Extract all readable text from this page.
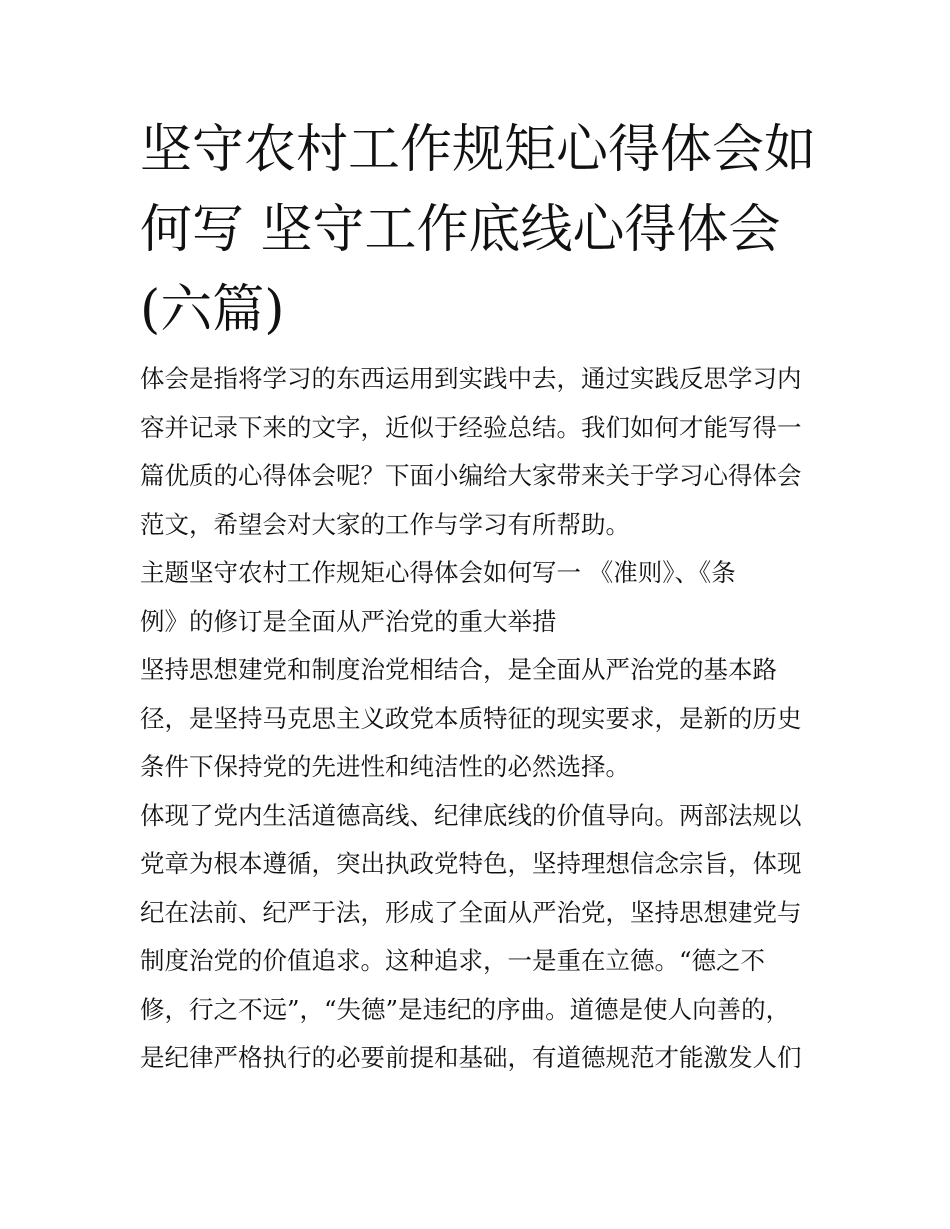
坚守农村工作规矩心得体会如
何写 坚守工作底线心得体会
(六篇)
体会是指将学习的东西运用到实践中去，通过实践反思学习内
容并记录下来的文字，近似于经验总结。我们如何才能写得一
篇优质的心得体会呢？下面小编给大家带来关于学习心得体会
范文，希望会对大家的工作与学习有所帮助。
主题坚守农村工作规矩心得体会如何写一 《准则》、《条
例》的修订是全面从严治党的重大举措
坚持思想建党和制度治党相结合，是全面从严治党的基本路
径，是坚持马克思主义政党本质特征的现实要求，是新的历史
条件下保持党的先进性和纯洁性的必然选择。
体现了党内生活道德高线、纪律底线的价值导向。两部法规以
党章为根本遵循，突出执政党特色，坚持理想信念宗旨，体现
纪在法前、纪严于法，形成了全面从严治党，坚持思想建党与
制度治党的价值追求。这种追求，一是重在立德。“德之不
修，行之不远”，“失德”是违纪的序曲。道德是使人向善的，
是纪律严格执行的必要前提和基础，有道德规范才能激发人们
